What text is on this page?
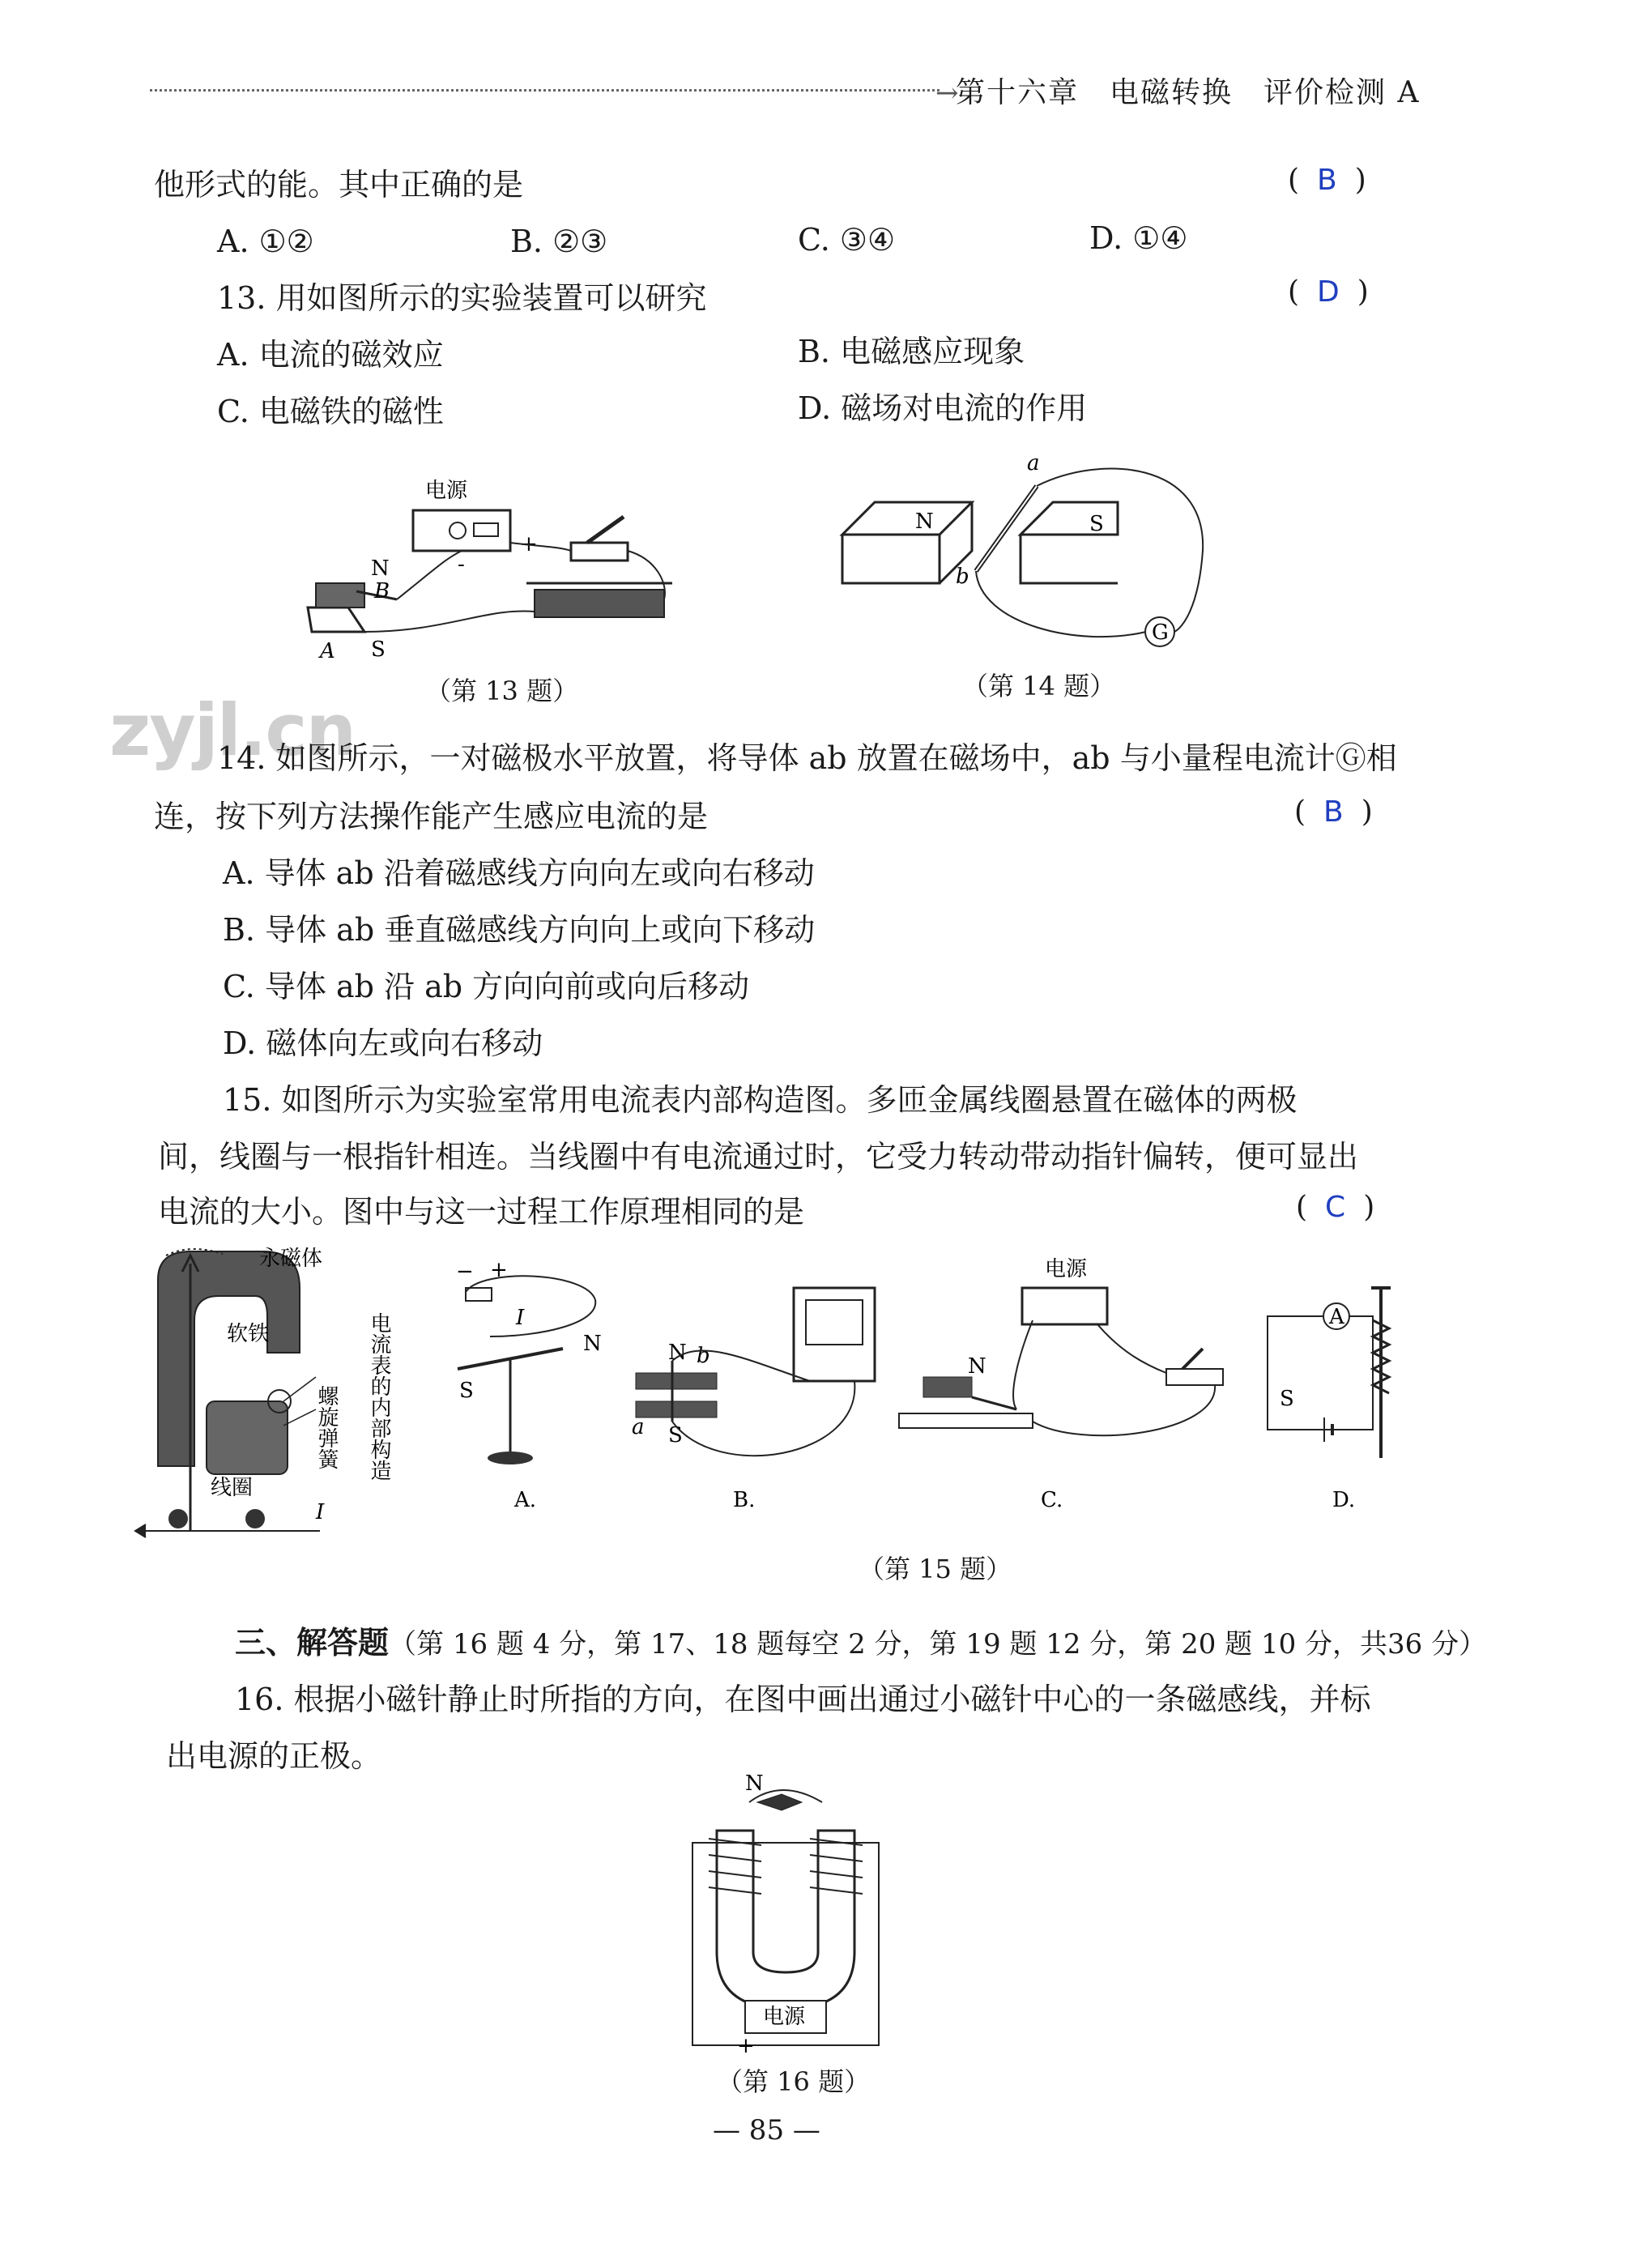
→
第十六章　电磁转换　评价检测 A
他形式的能。其中正确的是	( B )
A. ①②	B. ②③	C. ③④	D. ①④
13. 用如图所示的实验装置可以研究	( D )
A. 电流的磁效应	B. 电磁感应现象
C. 电磁铁的磁性	D. 磁场对电流的作用
电源
+
-
N
B
A S
（第 13 题）
N	S
a
b
G
（第 14 题）
zyjl.cn
14. 如图所示，一对磁极水平放置，将导体 ab 放置在磁场中，ab 与小量程电流计Ⓖ相
连，按下列方法操作能产生感应电流的是	( B )
A. 导体 ab 沿着磁感线方向向左或向右移动
B. 导体 ab 垂直磁感线方向向上或向下移动
C. 导体 ab 沿 ab 方向向前或向后移动
D. 磁体向左或向右移动
15. 如图所示为实验室常用电流表内部构造图。多匝金属线圈悬置在磁体的两极
间，线圈与一根指针相连。当线圈中有电流通过时，它受力转动带动指针偏转，便可显出
电流的大小。图中与这一过程工作原理相同的是	( C )
永磁体
软铁
线圈
螺旋弹簧
I
电流表的内部构造
− +
I
S
N
A.
N
S
b
a
B.
电源
N
C.
A
S
D.
（第 15 题）
三、解答题（第 16 题 4 分，第 17、18 题每空 2 分，第 19 题 12 分，第 20 题 10 分，共36 分）
16. 根据小磁针静止时所指的方向，在图中画出通过小磁针中心的一条磁感线，并标
出电源的正极。
N
电源
+
（第 16 题）
— 85 —
